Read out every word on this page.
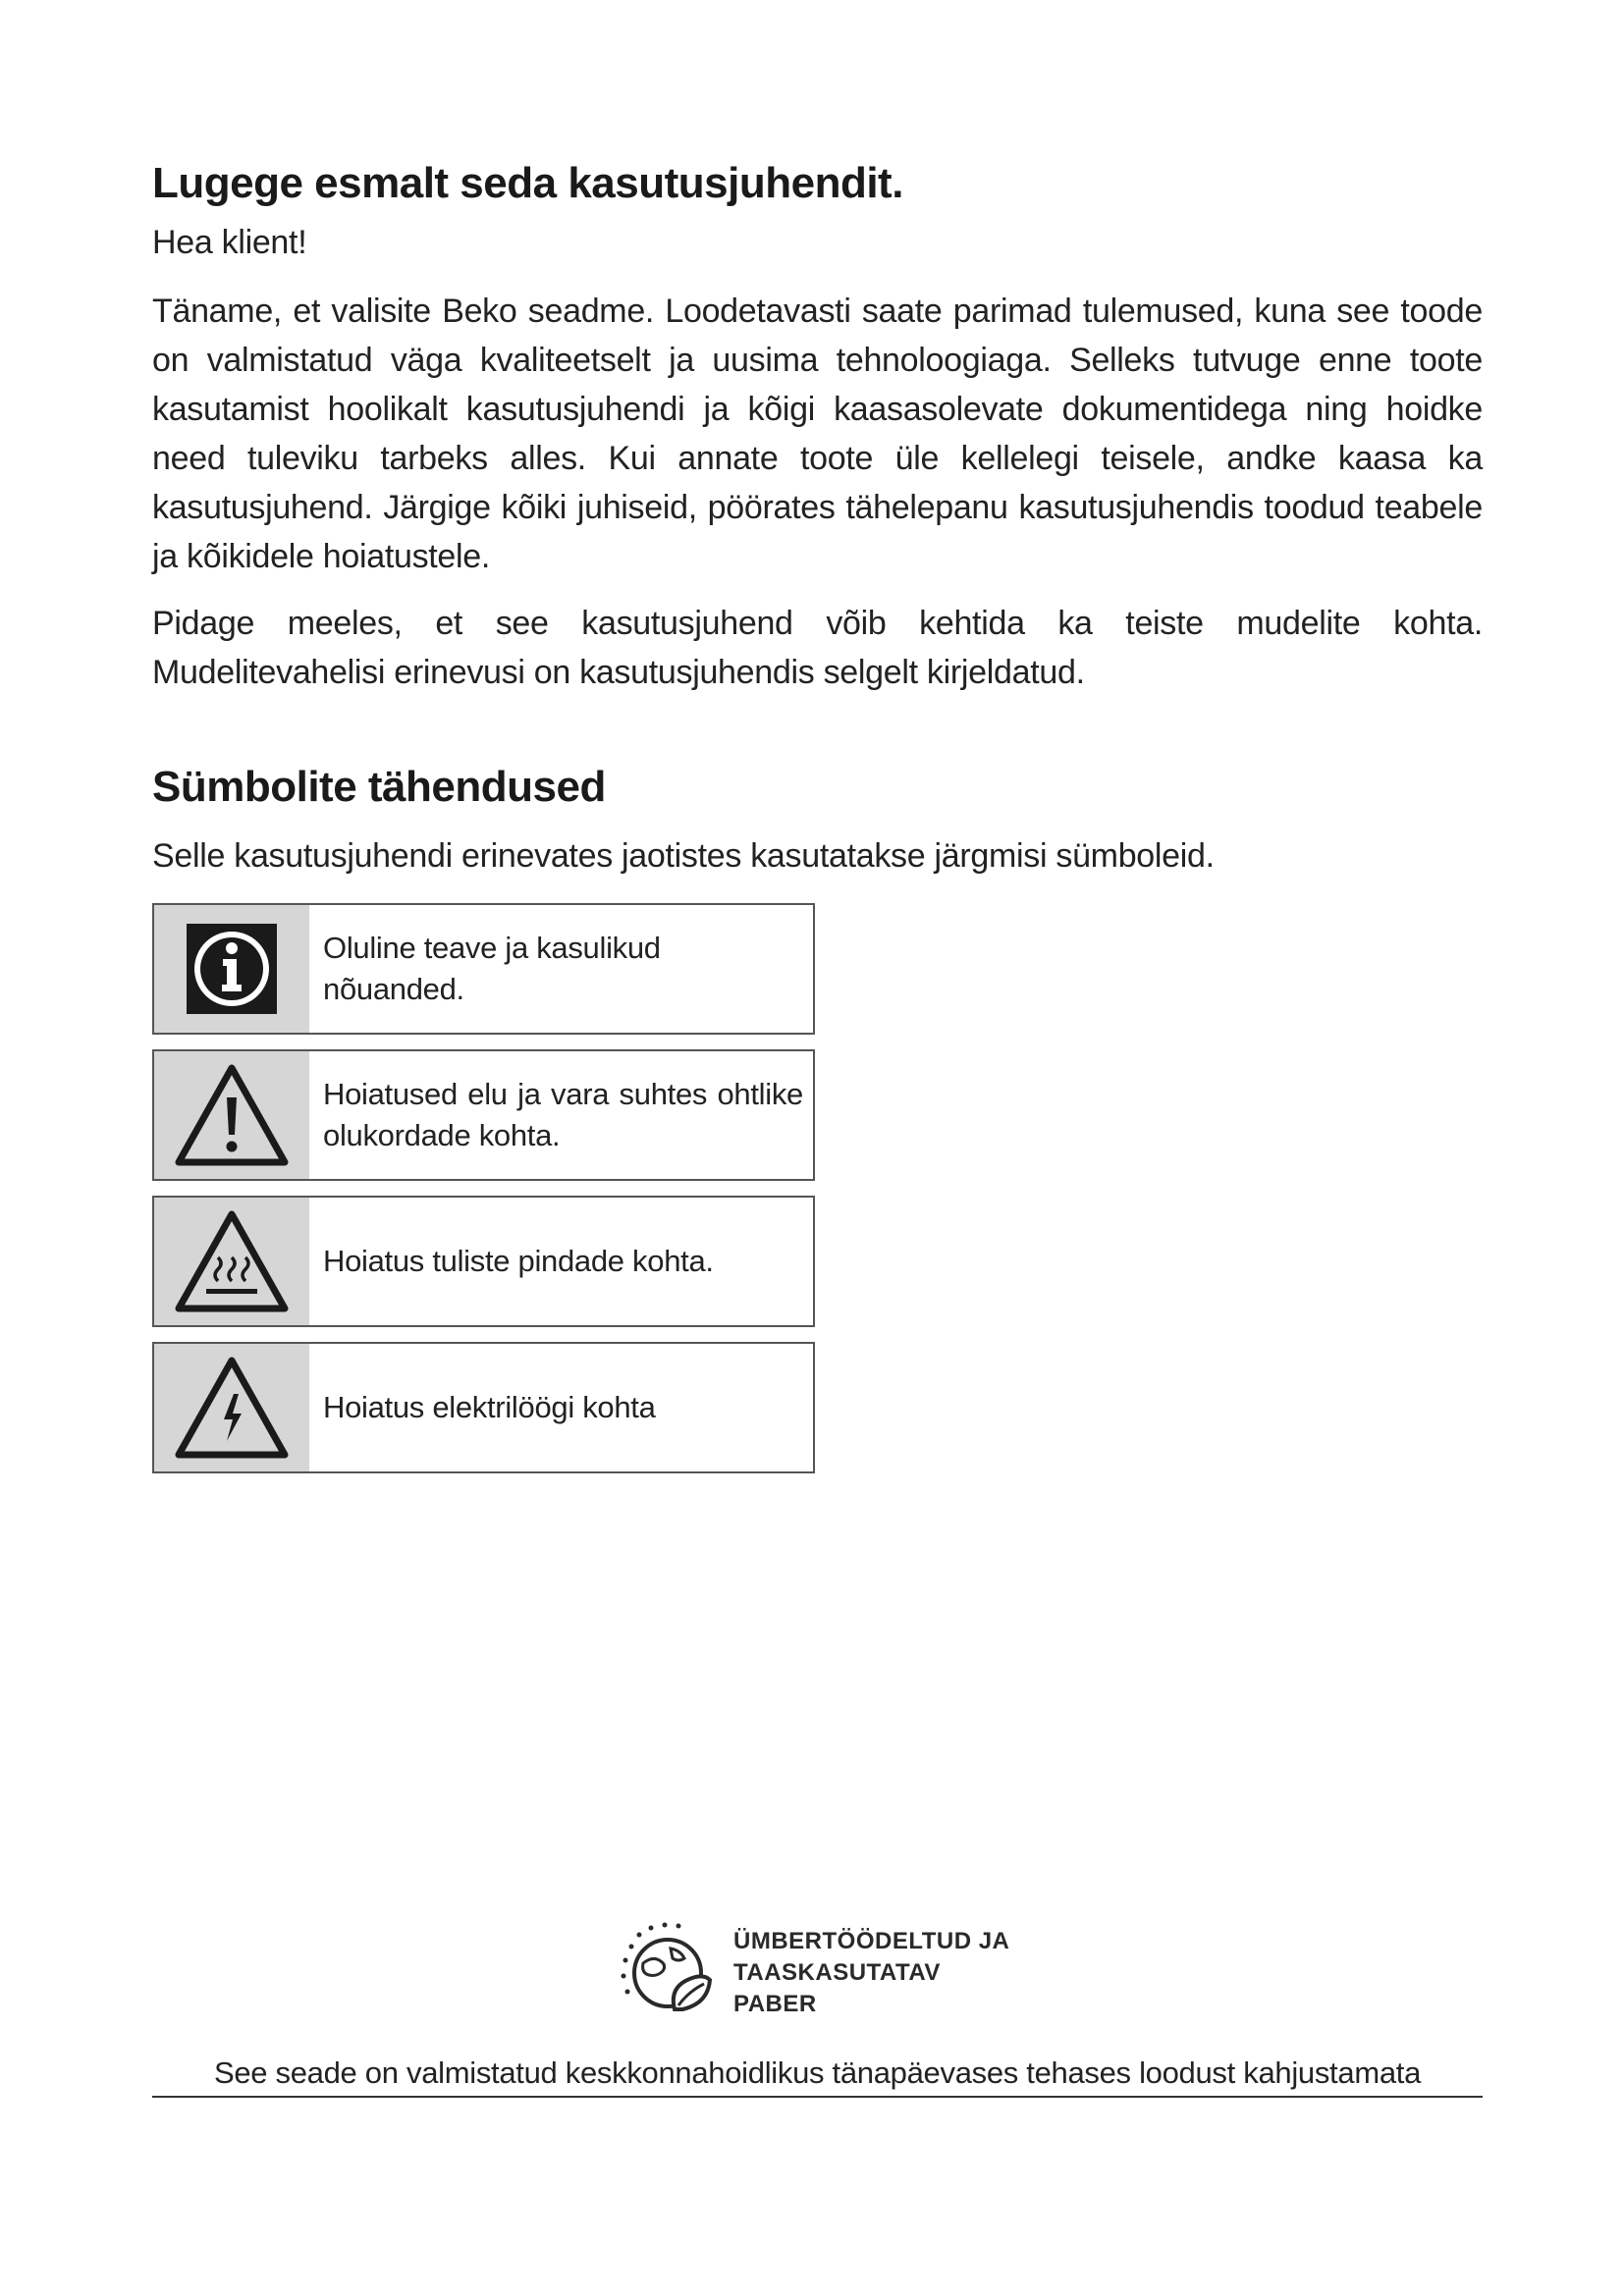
Lugege esmalt seda kasutusjuhendit.

Hea klient!

Täname, et valisite Beko seadme. Loodetavasti saate parimad tulemused, kuna see toode on valmistatud väga kvaliteetselt ja uusima tehnoloogiaga. Selleks tutvuge enne toote kasutamist hoolikalt kasutusjuhendi ja kõigi kaasasolevate dokumentidega ning hoidke need tuleviku tarbeks alles. Kui annate toote üle kellelegi teisele, andke kaasa ka kasutusjuhend. Järgige kõiki juhiseid, pöörates tähelepanu kasutusjuhendis toodud teabele ja kõikidele hoiatustele.

Pidage meeles, et see kasutusjuhend võib kehtida ka teiste mudelite kohta. Mudelitevahelisi erinevusi on kasutusjuhendis selgelt kirjeldatud.

Sümbolite tähendused

Selle kasutusjuhendi erinevates jaotistes kasutatakse järgmisi sümboleid.

Oluline teave ja kasulikud nõuanded.
Hoiatused elu ja vara suhtes ohtlike olukordade kohta.
Hoiatus tuliste pindade kohta.
Hoiatus elektrilöögi kohta
ÜMBERTÖÖDELTUD JA
TAASKASUTATAV
PABER
See seade on valmistatud keskkonnahoidlikus tänapäevases tehases loodust kahjustamata
